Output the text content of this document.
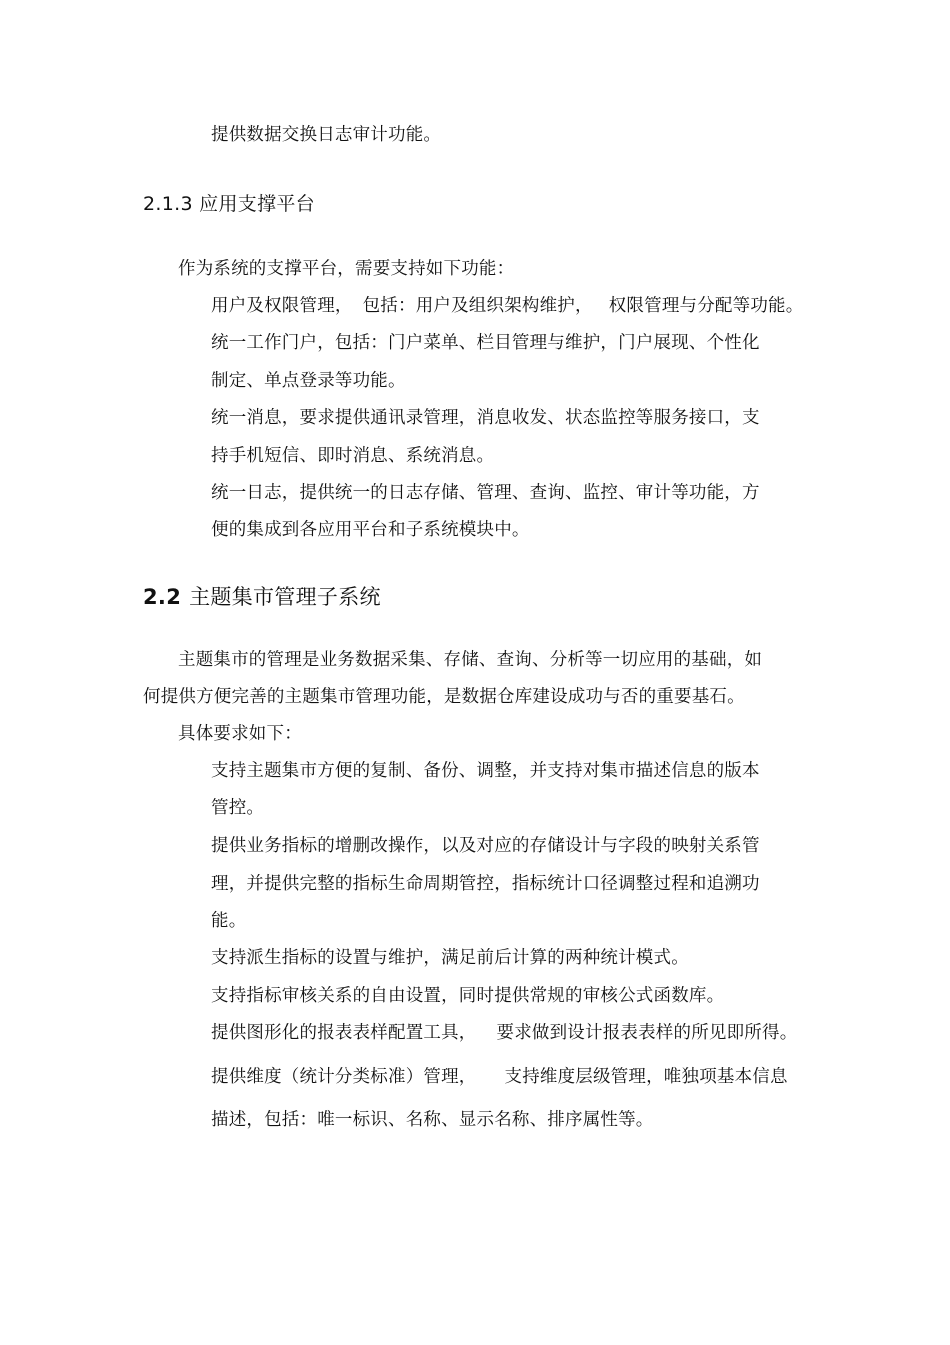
提供数据交换日志审计功能。
2.1.3 应用支撑平台
作为系统的支撑平台，需要支持如下功能：
用户及权限管理， 包括：用户及组织架构维护， 权限管理与分配等功能。
统一工作门户，包括：门户菜单、栏目管理与维护，门户展现、个性化
制定、单点登录等功能。
统一消息，要求提供通讯录管理，消息收发、状态监控等服务接口，支
持手机短信、即时消息、系统消息。
统一日志，提供统一的日志存储、管理、查询、监控、审计等功能，方
便的集成到各应用平台和子系统模块中。
2.2 主题集市管理子系统
主题集市的管理是业务数据采集、存储、查询、分析等一切应用的基础，如
何提供方便完善的主题集市管理功能，是数据仓库建设成功与否的重要基石。
具体要求如下：
支持主题集市方便的复制、备份、调整，并支持对集市描述信息的版本
管控。
提供业务指标的增删改操作，以及对应的存储设计与字段的映射关系管
理，并提供完整的指标生命周期管控，指标统计口径调整过程和追溯功
能。
支持派生指标的设置与维护，满足前后计算的两种统计模式。
支持指标审核关系的自由设置，同时提供常规的审核公式函数库。
提供图形化的报表表样配置工具， 要求做到设计报表表样的所见即所得。
提供维度（统计分类标准）管理， 支持维度层级管理，唯独项基本信息
描述，包括：唯一标识、名称、显示名称、排序属性等。
